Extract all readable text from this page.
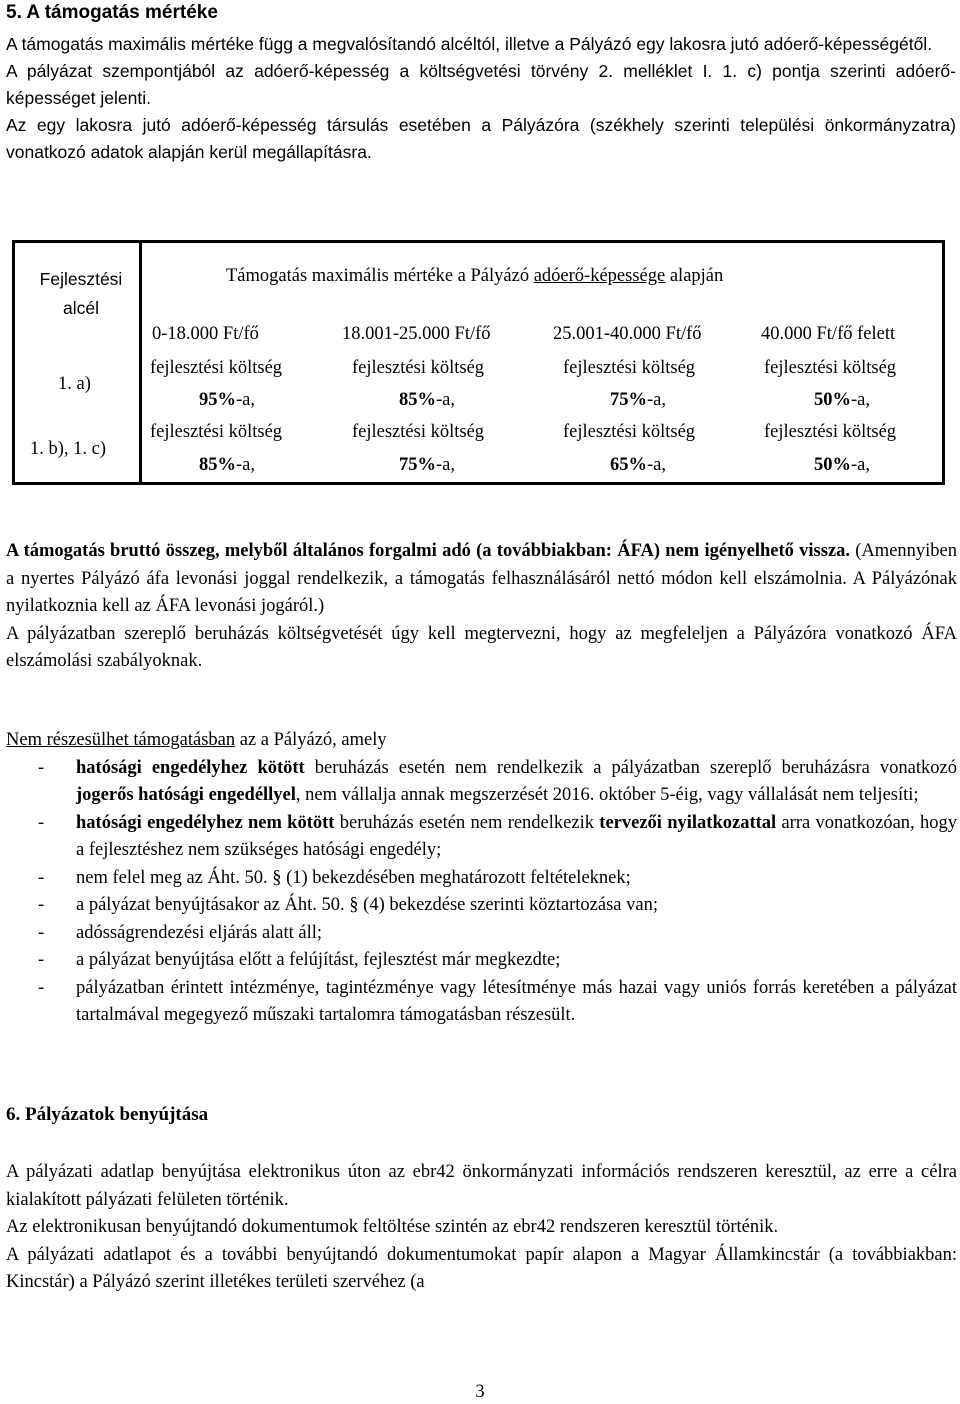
5. A támogatás mértéke

A támogatás maximális mértéke függ a megvalósítandó alcéltól, illetve a Pályázó egy lakosra jutó adóerő-képességétől.

A pályázat szempontjából az adóerő-képesség a költségvetési törvény 2. melléklet I. 1. c) pontja szerinti adóerő-képességet jelenti.

Az egy lakosra jutó adóerő-képesség társulás esetében a Pályázóra (székhely szerinti települési önkormányzatra) vonatkozó adatok alapján kerül megállapításra.

Fejlesztési
alcél
Támogatás maximális mértéke a Pályázó adóerő-képessége alapján
0-18.000 Ft/fő	18.001-25.000 Ft/fő	25.001-40.000 Ft/fő	40.000 Ft/fő felett
1. a)
fejlesztési költség	fejlesztési költség	fejlesztési költség	fejlesztési költség
95%-a,	85%-a,	75%-a,	50%-a,
1. b), 1. c)
fejlesztési költség	fejlesztési költség	fejlesztési költség	fejlesztési költség
85%-a,	75%-a,	65%-a,	50%-a,

A támogatás bruttó összeg, melyből általános forgalmi adó (a továbbiakban: ÁFA) nem igényelhető vissza. (Amennyiben a nyertes Pályázó áfa levonási joggal rendelkezik, a támogatás felhasználásáról nettó módon kell elszámolnia. A Pályázónak nyilatkoznia kell az ÁFA levonási jogáról.)

A pályázatban szereplő beruházás költségvetését úgy kell megtervezni, hogy az megfeleljen a Pályázóra vonatkozó ÁFA elszámolási szabályoknak.

Nem részesülhet támogatásban az a Pályázó, amely
- hatósági engedélyhez kötött beruházás esetén nem rendelkezik a pályázatban szereplő beruházásra vonatkozó jogerős hatósági engedéllyel, nem vállalja annak megszerzését 2016. október 5-éig, vagy vállalását nem teljesíti;
- hatósági engedélyhez nem kötött beruházás esetén nem rendelkezik tervezői nyilatkozattal arra vonatkozóan, hogy a fejlesztéshez nem szükséges hatósági engedély;
- nem felel meg az Áht. 50. § (1) bekezdésében meghatározott feltételeknek;
- a pályázat benyújtásakor az Áht. 50. § (4) bekezdése szerinti köztartozása van;
- adósságrendezési eljárás alatt áll;
- a pályázat benyújtása előtt a felújítást, fejlesztést már megkezdte;
- pályázatban érintett intézménye, tagintézménye vagy létesítménye más hazai vagy uniós forrás keretében a pályázat tartalmával megegyező műszaki tartalomra támogatásban részesült.
6. Pályázatok benyújtása

A pályázati adatlap benyújtása elektronikus úton az ebr42 önkormányzati információs rendszeren keresztül, az erre a célra kialakított pályázati felületen történik.

Az elektronikusan benyújtandó dokumentumok feltöltése szintén az ebr42 rendszeren keresztül történik.

A pályázati adatlapot és a további benyújtandó dokumentumokat papír alapon a Magyar Államkincstár (a továbbiakban: Kincstár) a Pályázó szerint illetékes területi szervéhez (a

3
